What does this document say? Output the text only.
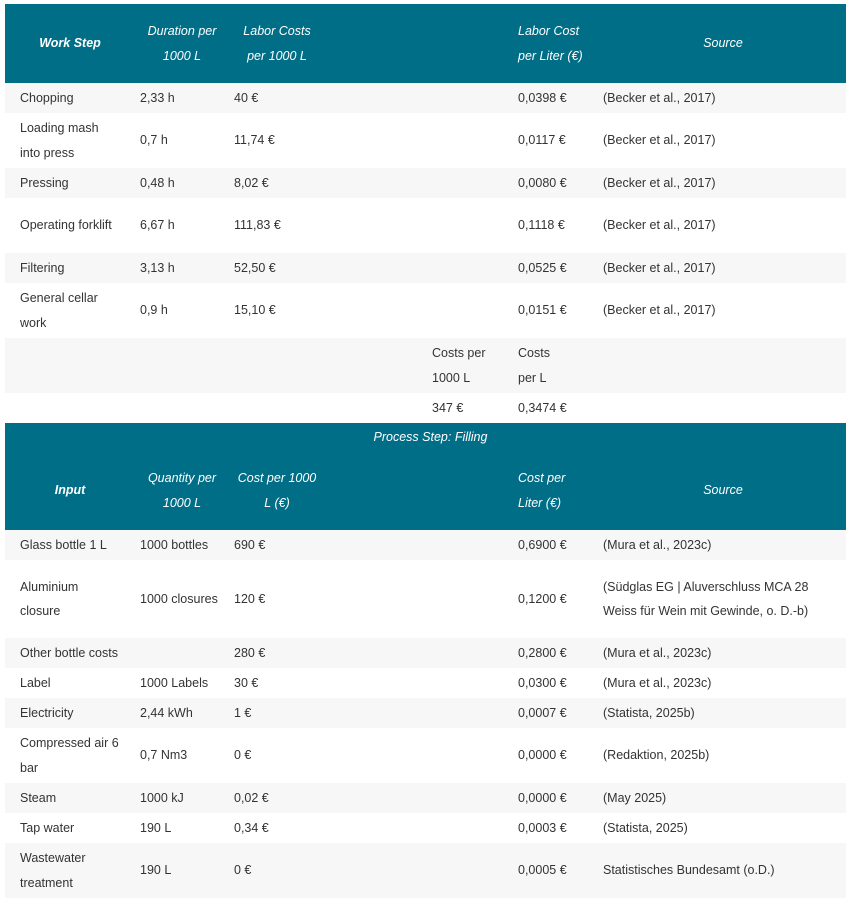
Work Step	Duration per 1000 L	Labor Costs per 1000 L			Labor Cost per Liter (€)	Source
Chopping	2,33 h	40 €			0,0398 €	(Becker et al., 2017)
Loading mash into press	0,7 h	11,74 €			0,0117 €	(Becker et al., 2017)
Pressing	0,48 h	8,02 €			0,0080 €	(Becker et al., 2017)
Operating forklift	6,67 h	111,83 €			0,1118 €	(Becker et al., 2017)
Filtering	3,13 h	52,50 €			0,0525 €	(Becker et al., 2017)
General cellar work	0,9 h	15,10 €			0,0151 €	(Becker et al., 2017)
				Costs per 1000 L	Costs per L	
				347 €	0,3474 €	
Process Step: Filling						
Input	Quantity per 1000 L	Cost per 1000 L (€)			Cost per Liter (€)	Source
Glass bottle 1 L	1000 bottles	690 €			0,6900 €	(Mura et al., 2023c)
Aluminium closure	1000 closures	120 €			0,1200 €	(Südglas EG | Aluverschluss MCA 28 Weiss für Wein mit Gewinde, o. D.-b)
Other bottle costs		280 €			0,2800 €	(Mura et al., 2023c)
Label	1000 Labels	30 €			0,0300 €	(Mura et al., 2023c)
Electricity	2,44 kWh	1 €			0,0007 €	(Statista, 2025b)
Compressed air 6 bar	0,7 Nm3	0 €			0,0000 €	(Redaktion, 2025b)
Steam	1000 kJ	0,02 €			0,0000 €	(May 2025)
Tap water	190 L	0,34 €			0,0003 €	(Statista, 2025)
Wastewater treatment	190 L	0 €			0,0005 €	Statistisches Bundesamt (o.D.)
